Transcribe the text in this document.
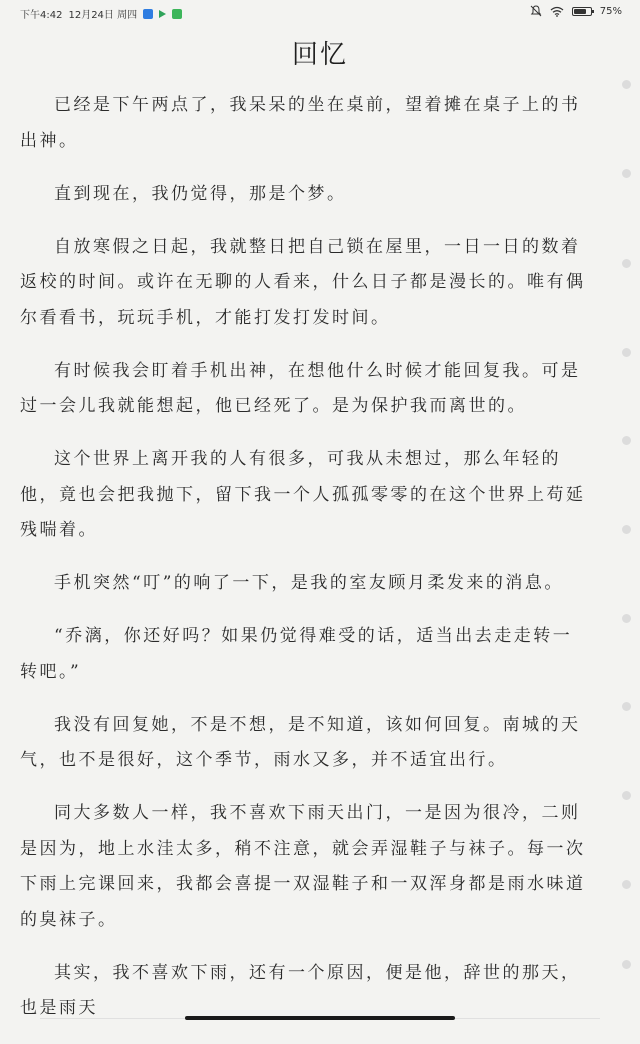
下午4:42 12月24日 周四	75%
回忆

已经是下午两点了，我呆呆的坐在桌前，望着摊在桌子上的书出神。

直到现在，我仍觉得，那是个梦。

自放寒假之日起，我就整日把自己锁在屋里，一日一日的数着返校的时间。或许在无聊的人看来，什么日子都是漫长的。唯有偶尔看看书，玩玩手机，才能打发打发时间。

有时候我会盯着手机出神，在想他什么时候才能回复我。可是过一会儿我就能想起，他已经死了。是为保护我而离世的。

这个世界上离开我的人有很多，可我从未想过，那么年轻的他，竟也会把我抛下，留下我一个人孤孤零零的在这个世界上苟延残喘着。

手机突然“叮”的响了一下，是我的室友顾月柔发来的消息。

“乔漓，你还好吗？如果仍觉得难受的话，适当出去走走转一转吧。”

我没有回复她，不是不想，是不知道，该如何回复。南城的天气，也不是很好，这个季节，雨水又多，并不适宜出行。

同大多数人一样，我不喜欢下雨天出门，一是因为很冷，二则是因为，地上水洼太多，稍不注意，就会弄湿鞋子与袜子。每一次下雨上完课回来，我都会喜提一双湿鞋子和一双浑身都是雨水味道的臭袜子。

其实，我不喜欢下雨，还有一个原因，便是他，辞世的那天，也是雨天
